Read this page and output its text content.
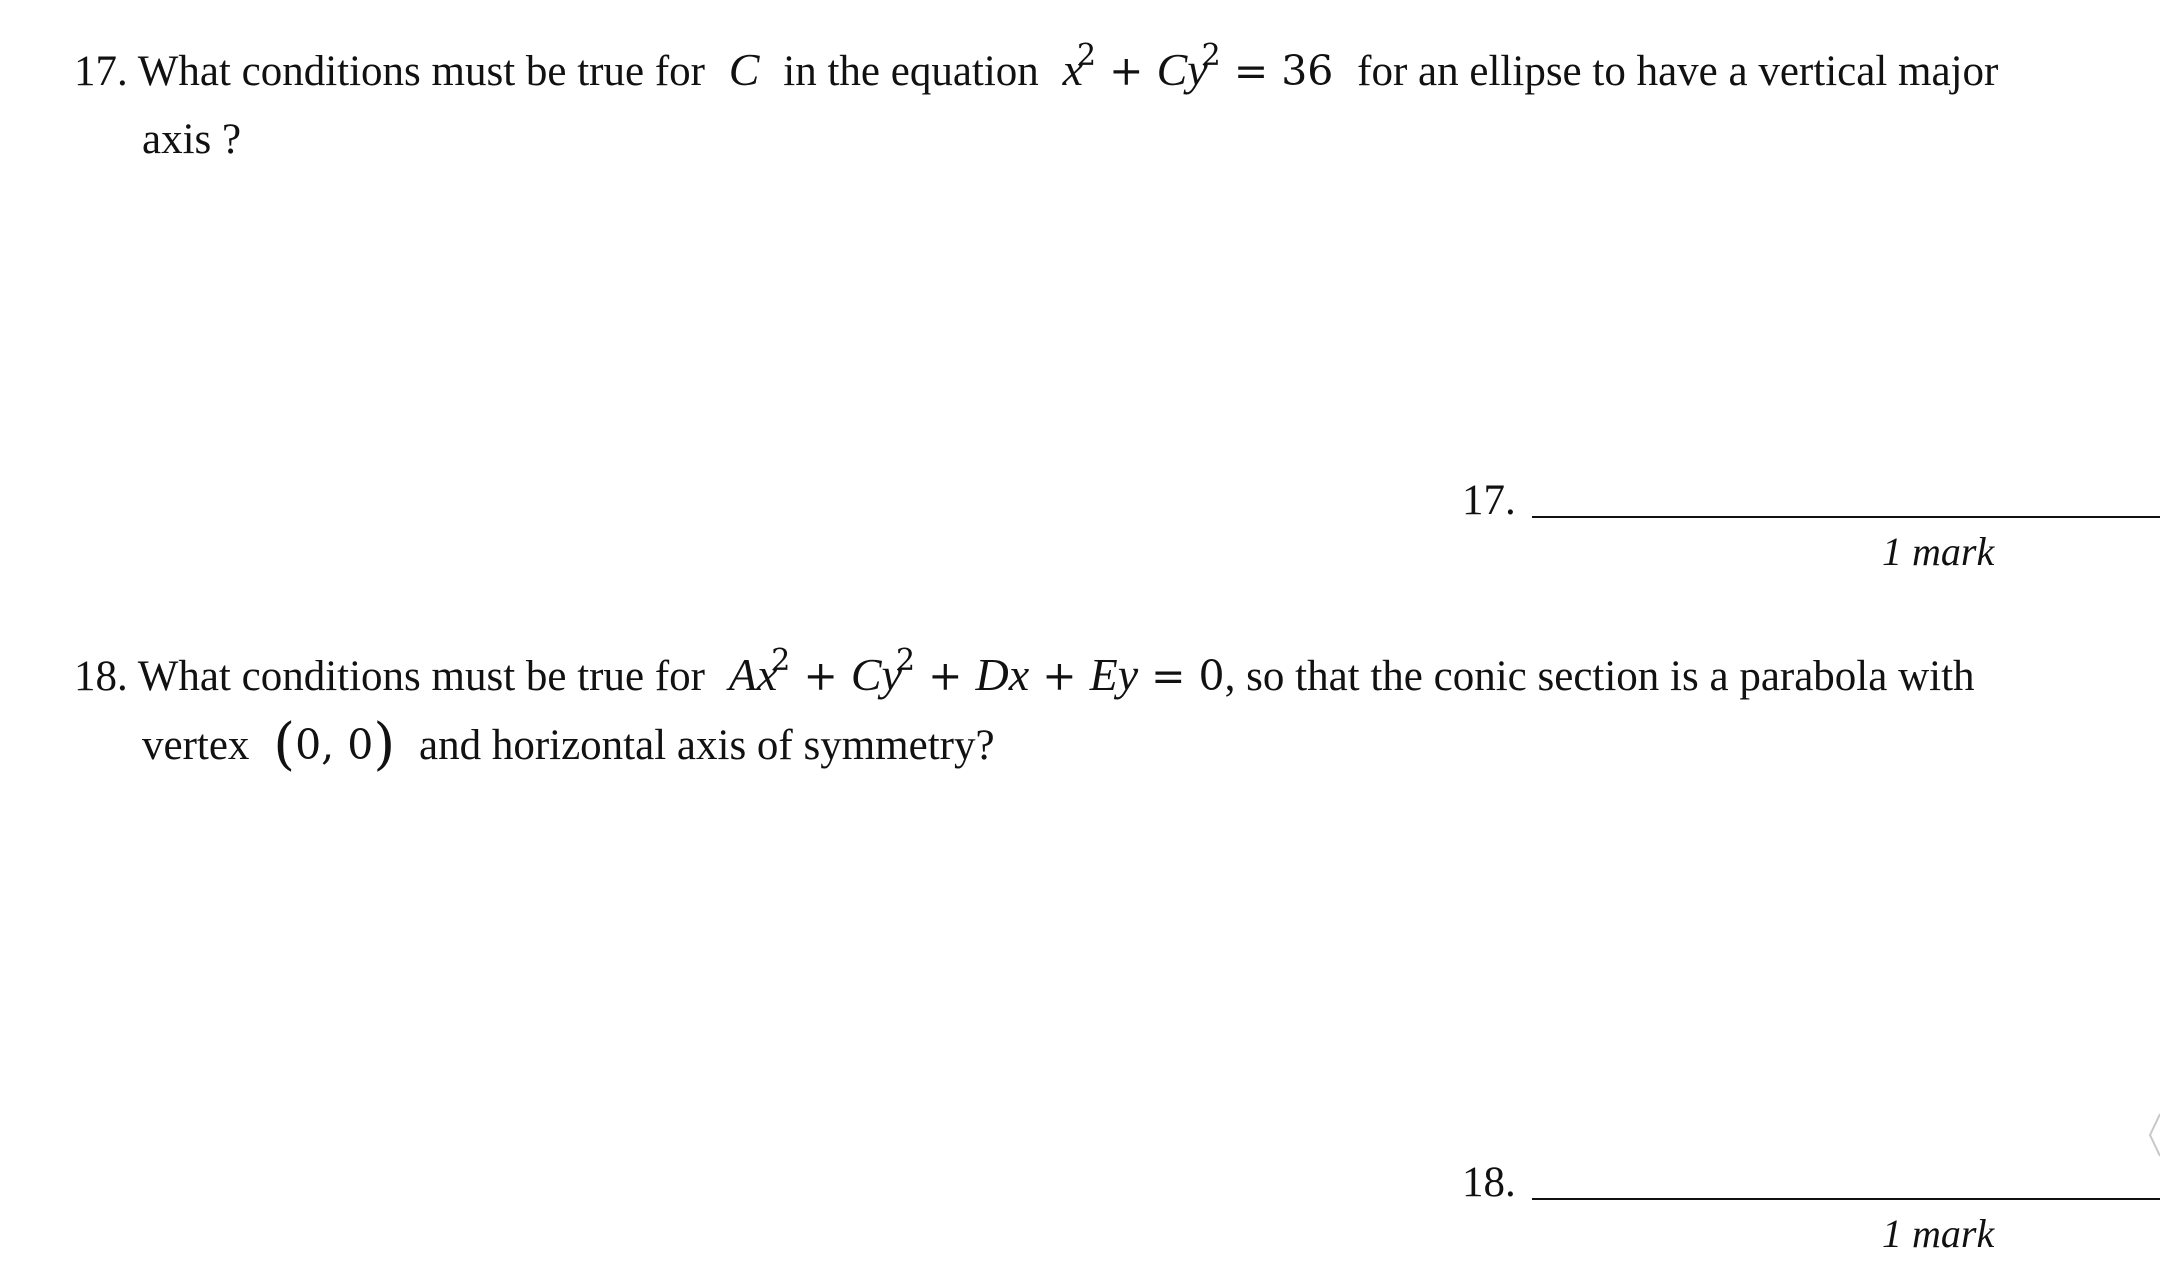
17. What conditions must be true for C in the equation $x^2 + Cy^2 = 36$ for an ellipse to have a vertical major
axis ?
17.
1 mark
18. What conditions must be true for $Ax^2 + Cy^2 + Dx + Ey = 0$, so that the conic section is a parabola with
vertex (0, 0) and horizontal axis of symmetry?
18.
1 mark
